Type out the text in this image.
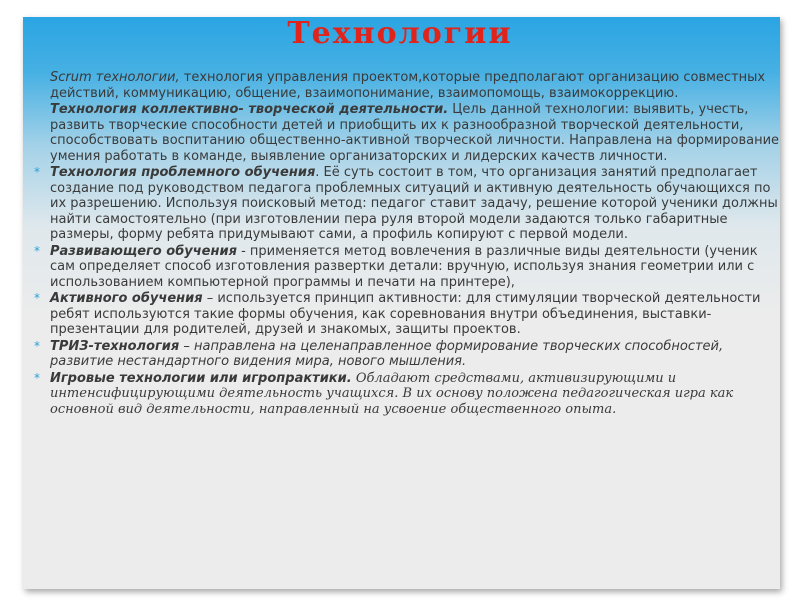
Технологии

Scrum технологии, технология управления проектом,которые предполагают организацию совместных действий, коммуникацию, общение, взаимопонимание, взаимопомощь, взаимокоррекцию.

Технология коллективно- творческой деятельности. Цель данной технологии: выявить, учесть, развить творческие способности детей и приобщить их к разнообразной творческой деятельности, способствовать воспитанию общественно-активной творческой личности. Направлена на формирование умения работать в команде, выявление организаторских и лидерских качеств личности.

* Технология проблемного обучения. Её суть состоит в том, что организация занятий предполагает создание под руководством педагога проблемных ситуаций и активную деятельность обучающихся по их разрешению. Используя поисковый метод: педагог ставит задачу, решение которой ученики должны найти самостоятельно (при изготовлении пера руля второй модели задаются только габаритные размеры, форму ребята придумывают сами, а профиль копируют с первой модели.

* Развивающего обучения - применяется метод вовлечения в различные виды деятельности (ученик сам определяет способ изготовления развертки детали: вручную, используя знания геометрии или с использованием компьютерной программы и печати на принтере),

* Активного обучения – используется принцип активности: для стимуляции творческой деятельности ребят используются такие формы обучения, как соревнования внутри объединения, выставки-презентации для родителей, друзей и знакомых, защиты проектов.

* ТРИЗ-технология – направлена на целенаправленное формирование творческих способностей, развитие нестандартного видения мира, нового мышления.

* Игровые технологии или игропрактики. Обладают средствами, активизирующими и интенсифицирующими деятельность учащихся. В их основу положена педагогическая игра как основной вид деятельности, направленный на усвоение общественного опыта.
